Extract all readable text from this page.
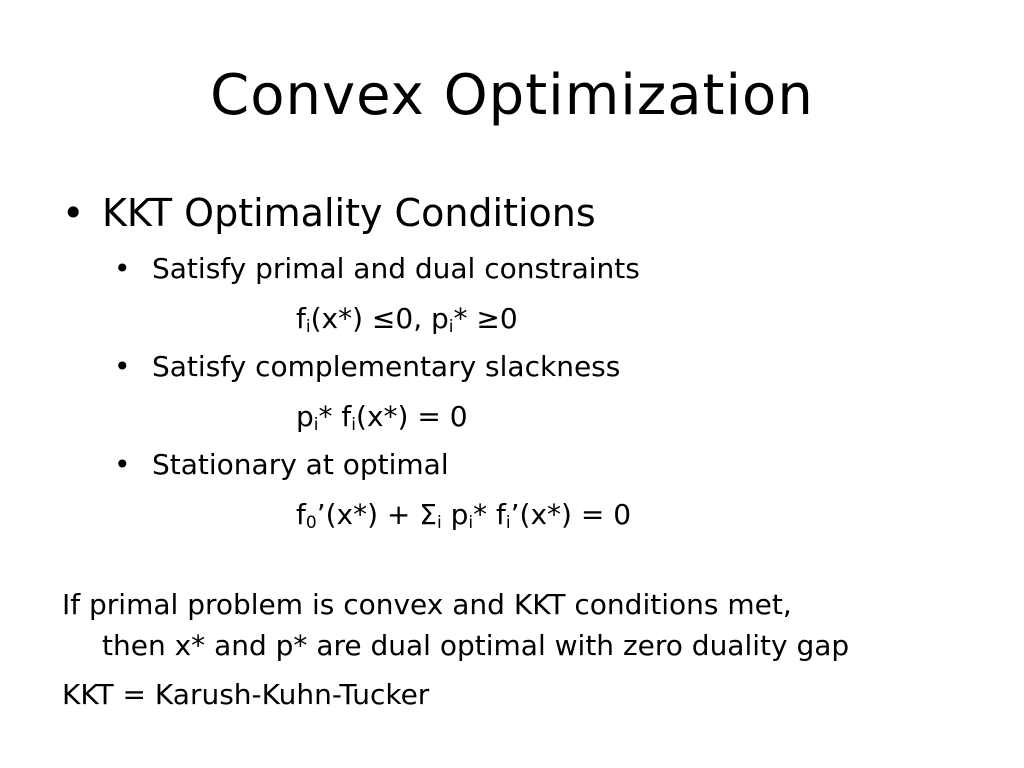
Convex Optimization
• KKT Optimality Conditions
• Satisfy primal and dual constraints
$f_i(x*) \le 0$, $p_i* \ge 0$
• Satisfy complementary slackness
$p_i*$ $f_i(x*) = 0$
• Stationary at optimal
$f_0’(x*) + \Sigma_i$ $p_i*$ $f_i’(x*) = 0$
If primal problem is convex and KKT conditions met,
then x* and p* are dual optimal with zero duality gap
KKT = Karush-Kuhn-Tucker
